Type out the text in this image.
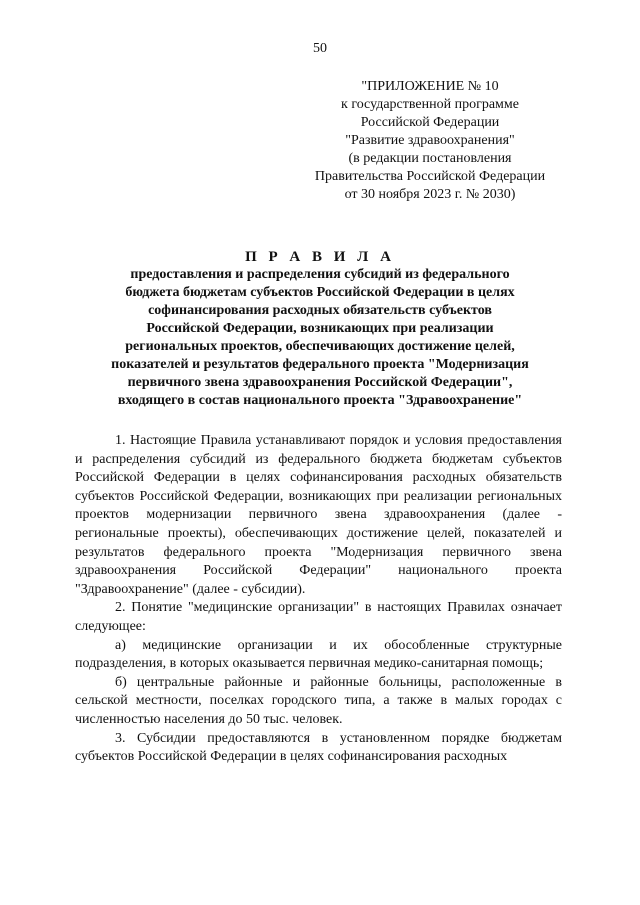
50
"ПРИЛОЖЕНИЕ № 10
к государственной программе
Российской Федерации
"Развитие здравоохранения"
(в редакции постановления
Правительства Российской Федерации
от 30 ноября 2023 г. № 2030)
П Р А В И Л А
предоставления и распределения субсидий из федерального
бюджета бюджетам субъектов Российской Федерации в целях
софинансирования расходных обязательств субъектов
Российской Федерации, возникающих при реализации
региональных проектов, обеспечивающих достижение целей,
показателей и результатов федерального проекта "Модернизация
первичного звена здравоохранения Российской Федерации",
входящего в состав национального проекта "Здравоохранение"

1. Настоящие Правила устанавливают порядок и условия предоставления и распределения субсидий из федерального бюджета бюджетам субъектов Российской Федерации в целях софинансирования расходных обязательств субъектов Российской Федерации, возникающих при реализации региональных проектов модернизации первичного звена здравоохранения (далее - региональные проекты), обеспечивающих достижение целей, показателей и результатов федерального проекта "Модернизация первичного звена здравоохранения Российской Федерации" национального проекта "Здравоохранение" (далее - субсидии).

2. Понятие "медицинские организации" в настоящих Правилах означает следующее:

а) медицинские организации и их обособленные структурные подразделения, в которых оказывается первичная медико-санитарная помощь;

б) центральные районные и районные больницы, расположенные в сельской местности, поселках городского типа, а также в малых городах с численностью населения до 50 тыс. человек.

3. Субсидии предоставляются в установленном порядке бюджетам субъектов Российской Федерации в целях софинансирования расходных
